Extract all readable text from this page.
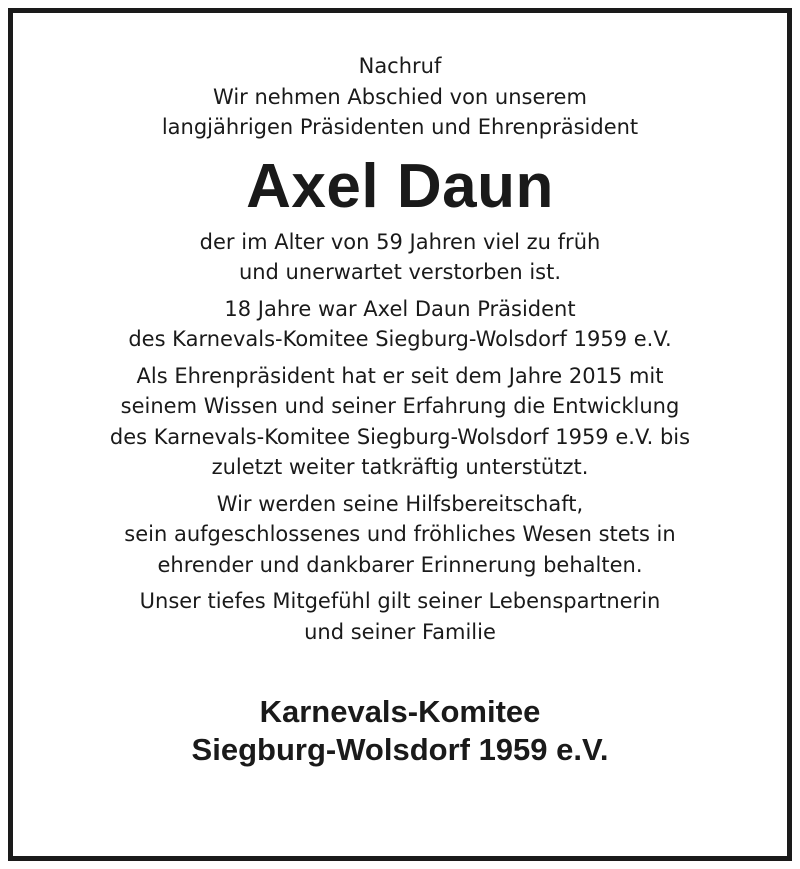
Nachruf
Wir nehmen Abschied von unserem
langjährigen Präsidenten und Ehrenpräsident
Axel Daun
der im Alter von 59 Jahren viel zu früh
und unerwartet verstorben ist.
18 Jahre war Axel Daun Präsident
des Karnevals-Komitee Siegburg-Wolsdorf 1959 e.V.
Als Ehrenpräsident hat er seit dem Jahre 2015 mit
seinem Wissen und seiner Erfahrung die Entwicklung
des Karnevals-Komitee Siegburg-Wolsdorf 1959 e.V. bis
zuletzt weiter tatkräftig unterstützt.
Wir werden seine Hilfsbereitschaft,
sein aufgeschlossenes und fröhliches Wesen stets in
ehrender und dankbarer Erinnerung behalten.
Unser tiefes Mitgefühl gilt seiner Lebenspartnerin
und seiner Familie
Karnevals-Komitee
Siegburg-Wolsdorf 1959 e.V.
